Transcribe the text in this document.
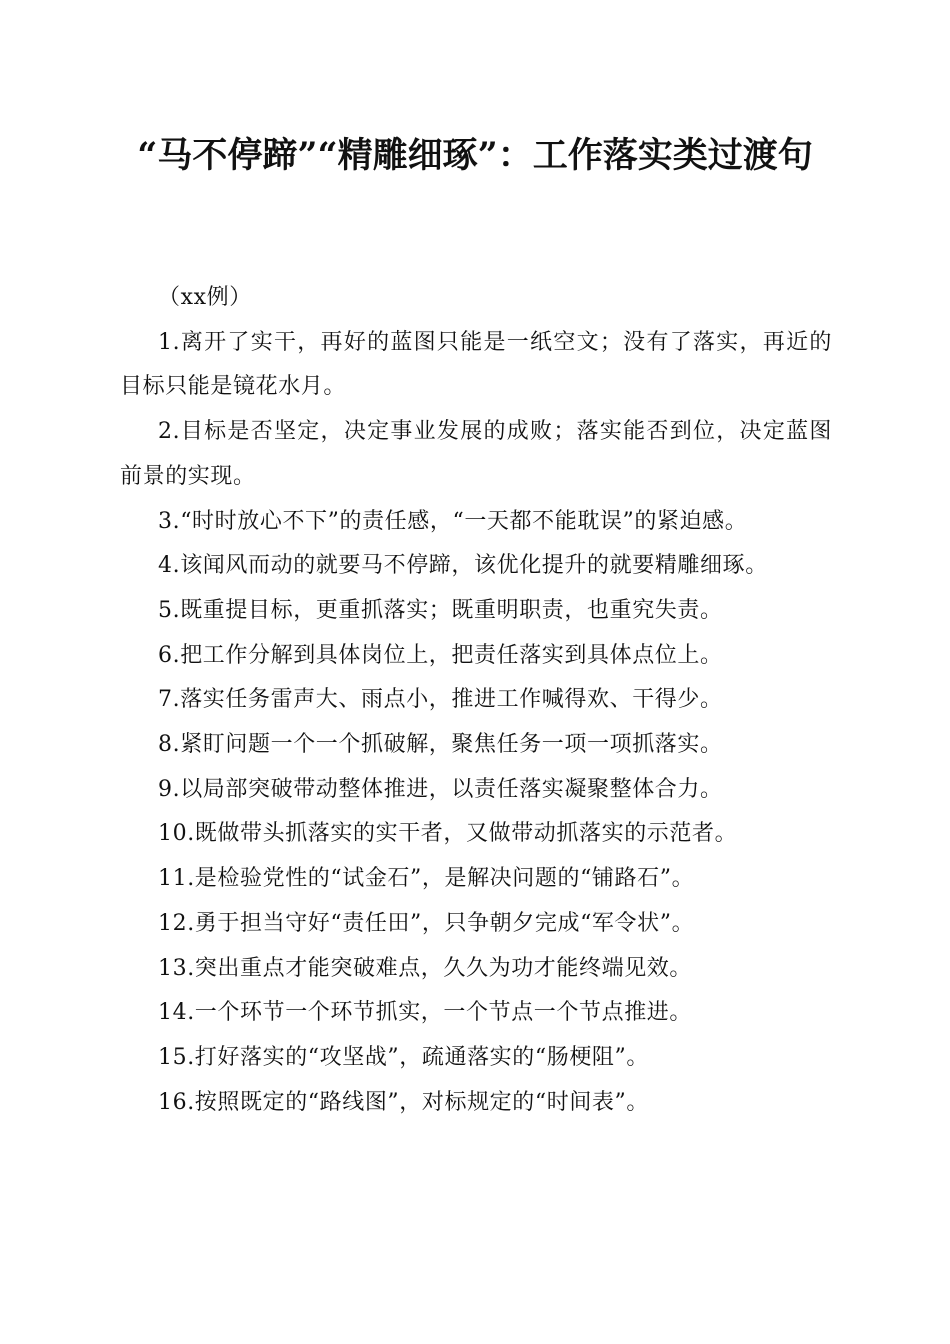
“马不停蹄”“精雕细琢”：工作落实类过渡句

（xx例）

1.离开了实干，再好的蓝图只能是一纸空文；没有了落实，再近的目标只能是镜花水月。

2.目标是否坚定，决定事业发展的成败；落实能否到位，决定蓝图前景的实现。

3.“时时放心不下”的责任感，“一天都不能耽误”的紧迫感。

4.该闻风而动的就要马不停蹄，该优化提升的就要精雕细琢。

5.既重提目标，更重抓落实；既重明职责，也重究失责。

6.把工作分解到具体岗位上，把责任落实到具体点位上。

7.落实任务雷声大、雨点小，推进工作喊得欢、干得少。

8.紧盯问题一个一个抓破解，聚焦任务一项一项抓落实。

9.以局部突破带动整体推进，以责任落实凝聚整体合力。

10.既做带头抓落实的实干者，又做带动抓落实的示范者。

11.是检验党性的“试金石”，是解决问题的“铺路石”。

12.勇于担当守好“责任田”，只争朝夕完成“军令状”。

13.突出重点才能突破难点，久久为功才能终端见效。

14.一个环节一个环节抓实，一个节点一个节点推进。

15.打好落实的“攻坚战”，疏通落实的“肠梗阻”。

16.按照既定的“路线图”，对标规定的“时间表”。
